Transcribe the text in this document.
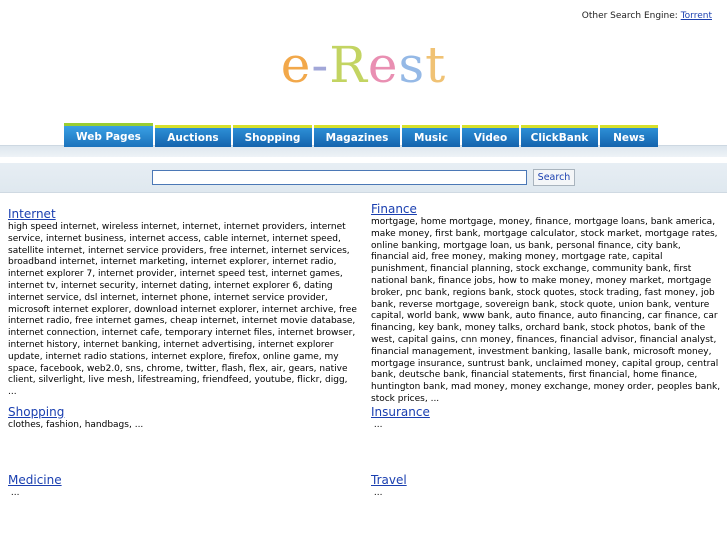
Other Search Engine: Torrent
e-Rest
Web Pages	Auctions	Shopping	Magazines	Music	Video	ClickBank	News
Search
Internet
high speed internet, wireless internet, internet, internet providers, internet service, internet business, internet access, cable internet, internet speed, satellite internet, internet service providers, free internet, internet services, broadband internet, internet marketing, internet explorer, internet radio, internet explorer 7, internet provider, internet speed test, internet games, internet tv, internet security, internet dating, internet explorer 6, dating internet service, dsl internet, internet phone, internet service provider, microsoft internet explorer, download internet explorer, internet archive, free internet radio, free internet games, cheap internet, internet movie database, internet connection, internet cafe, temporary internet files, internet browser, internet history, internet banking, internet advertising, internet explorer update, internet radio stations, internet explore, firefox, online game, my space, facebook, web2.0, sns, chrome, twitter, flash, flex, air, gears, native client, silverlight, live mesh, lifestreaming, friendfeed, youtube, flickr, digg, ...
Finance
mortgage, home mortgage, money, finance, mortgage loans, bank america, make money, first bank, mortgage calculator, stock market, mortgage rates, online banking, mortgage loan, us bank, personal finance, city bank, financial aid, free money, making money, mortgage rate, capital punishment, financial planning, stock exchange, community bank, first national bank, finance jobs, how to make money, money market, mortgage broker, pnc bank, regions bank, stock quotes, stock trading, fast money, job bank, reverse mortgage, sovereign bank, stock quote, union bank, venture capital, world bank, www bank, auto finance, auto financing, car finance, car financing, key bank, money talks, orchard bank, stock photos, bank of the west, capital gains, cnn money, finances, financial advisor, financial analyst, financial management, investment banking, lasalle bank, microsoft money, mortgage insurance, suntrust bank, unclaimed money, capital group, central bank, deutsche bank, financial statements, first financial, home finance, huntington bank, mad money, money exchange, money order, peoples bank, stock prices, ...
Shopping
clothes, fashion, handbags, ...
Insurance
...
Medicine
...
Travel
...
